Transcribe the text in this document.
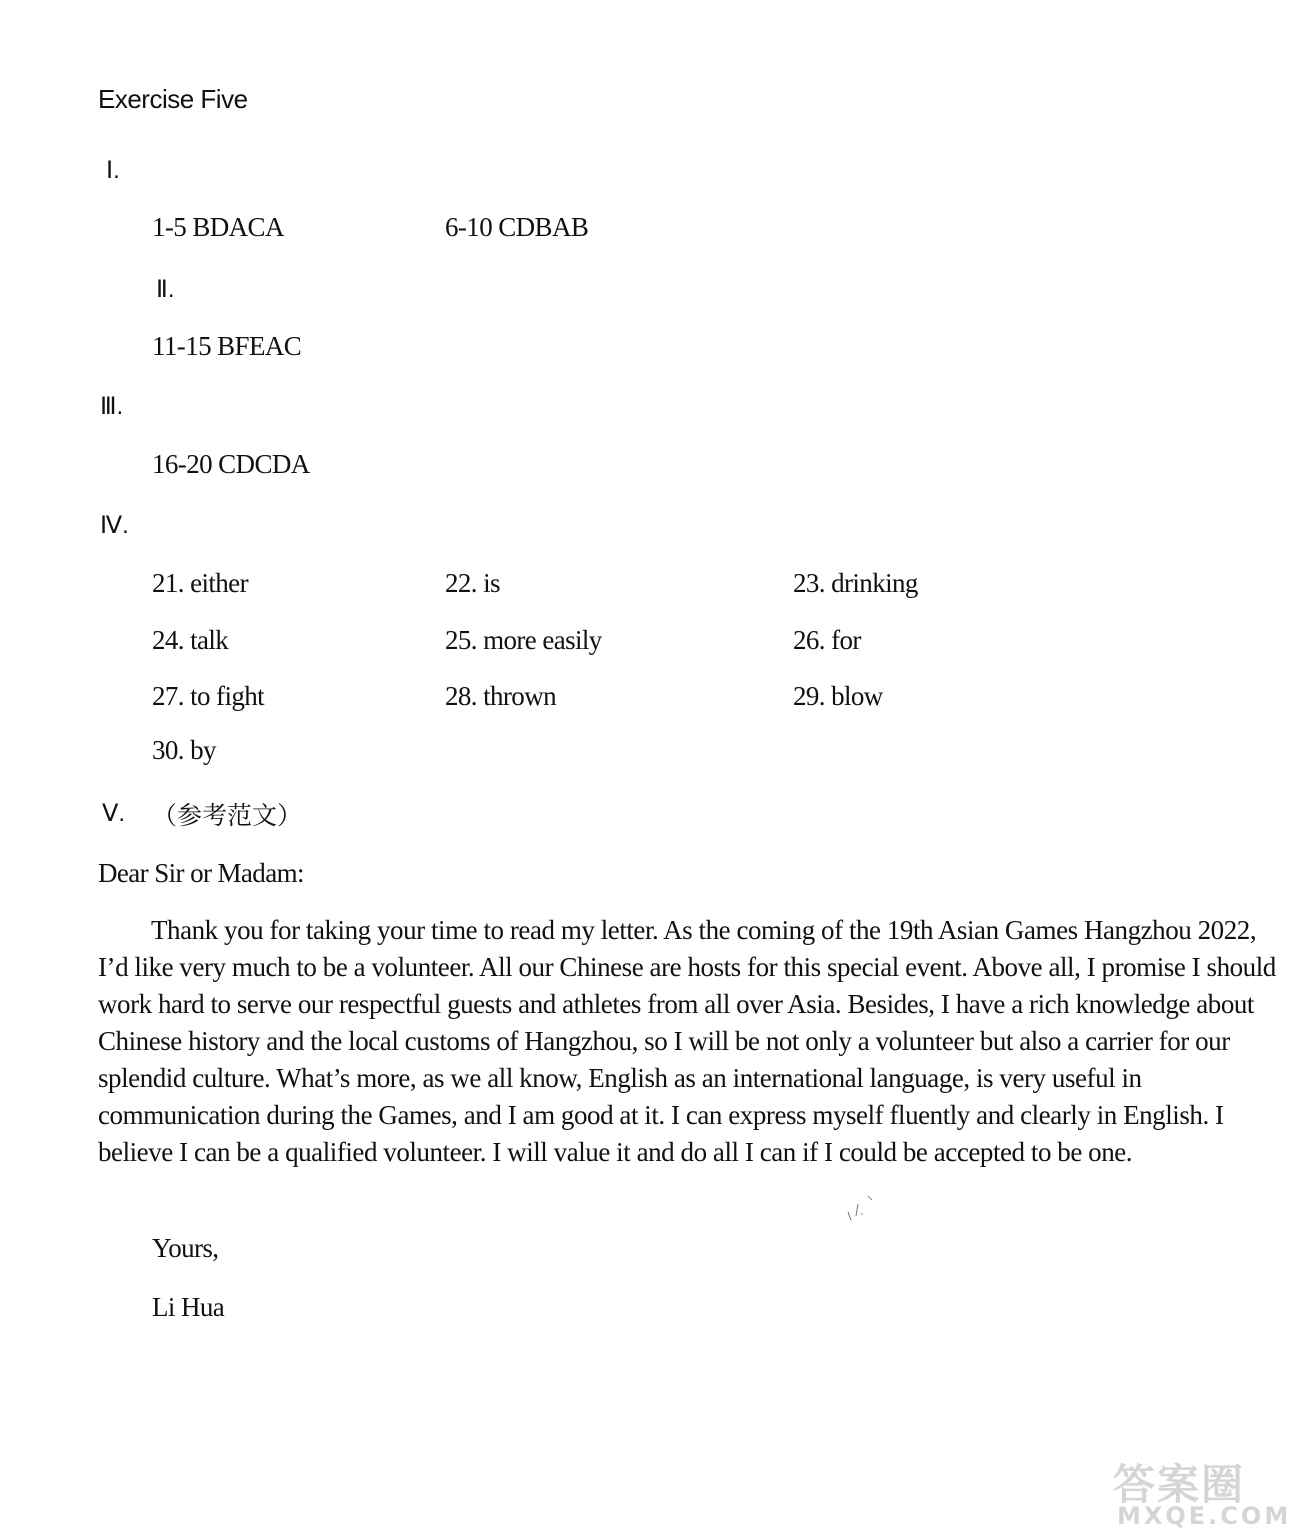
Exercise Five
Ⅰ.
1-5 BDACA	6-10 CDBAB
Ⅱ.
11-15 BFEAC
Ⅲ.
16-20 CDCDA
Ⅳ.
21. either	22. is	23. drinking
24. talk	25. more easily	26. for
27. to fight	28. thrown	29. blow
30. by
Ⅴ. （参考范文）
Dear Sir or Madam:

Thank you for taking your time to read my letter. As the coming of the 19th Asian Games Hangzhou 2022, I’d like very much to be a volunteer. All our Chinese are hosts for this special event. Above all, I promise I should work hard to serve our respectful guests and athletes from all over Asia. Besides, I have a rich knowledge about Chinese history and the local customs of Hangzhou, so I will be not only a volunteer but also a carrier for our splendid culture. What’s more, as we all know, English as an international language, is very useful in communication during the Games, and I am good at it. I can express myself fluently and clearly in English. I believe I can be a qualified volunteer. I will value it and do all I can if I could be accepted to be one.

Yours,
Li Hua
答案圈
MXQE.COM
